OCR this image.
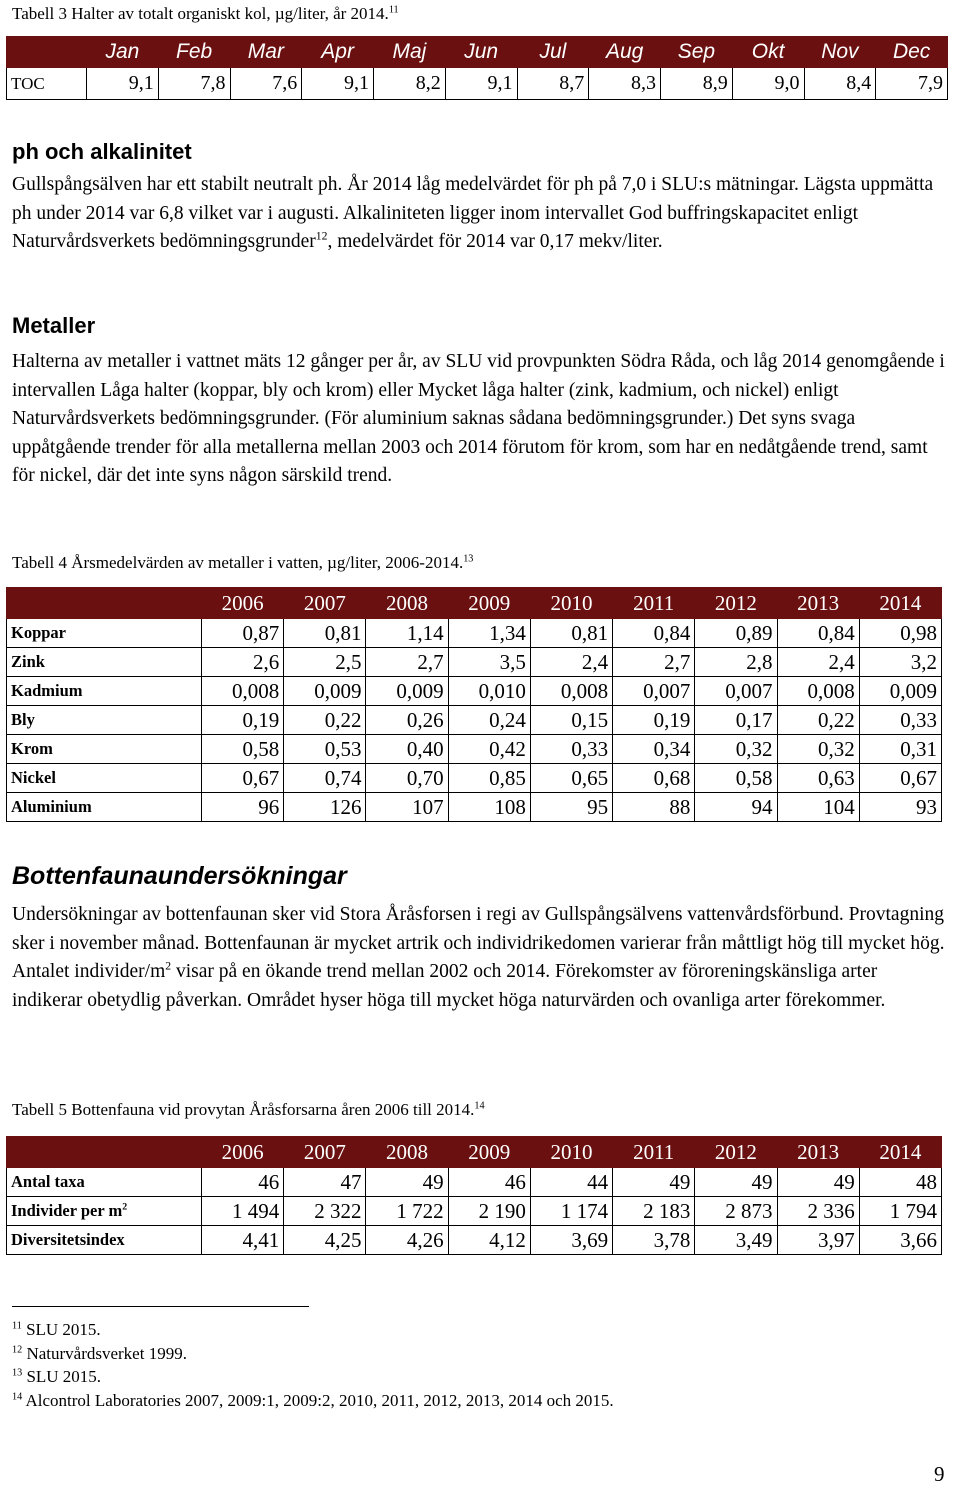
Tabell 3 Halter av totalt organiskt kol, µg/liter, år 2014.11
	Jan	Feb	Mar	Apr	Maj	Jun	Jul	Aug	Sep	Okt	Nov	Dec
TOC	9,1	7,8	7,6	9,1	8,2	9,1	8,7	8,3	8,9	9,0	8,4	7,9
ph och alkalinitet

Gullspångsälven har ett stabilt neutralt ph. År 2014 låg medelvärdet för ph på 7,0 i SLU:s mätningar. Lägsta uppmätta ph under 2014 var 6,8 vilket var i augusti. Alkaliniteten ligger inom intervallet God buffringskapacitet enligt Naturvårdsverkets bedömningsgrunder$^{12}$, medelvärdet för 2014 var 0,17 mekv/liter.

Metaller

Halterna av metaller i vattnet mäts 12 gånger per år, av SLU vid provpunkten Södra Råda, och låg 2014 genomgående i intervallen Låga halter (koppar, bly och krom) eller Mycket låga halter (zink, kadmium, och nickel) enligt Naturvårdsverkets bedömningsgrunder. (För aluminium saknas sådana bedömningsgrunder.) Det syns svaga uppåtgående trender för alla metallerna mellan 2003 och 2014 förutom för krom, som har en nedåtgående trend, samt för nickel, där det inte syns någon särskild trend.

Tabell 4 Årsmedelvärden av metaller i vatten, µg/liter, 2006-2014.13
	2006	2007	2008	2009	2010	2011	2012	2013	2014
Koppar	0,87	0,81	1,14	1,34	0,81	0,84	0,89	0,84	0,98
Zink	2,6	2,5	2,7	3,5	2,4	2,7	2,8	2,4	3,2
Kadmium	0,008	0,009	0,009	0,010	0,008	0,007	0,007	0,008	0,009
Bly	0,19	0,22	0,26	0,24	0,15	0,19	0,17	0,22	0,33
Krom	0,58	0,53	0,40	0,42	0,33	0,34	0,32	0,32	0,31
Nickel	0,67	0,74	0,70	0,85	0,65	0,68	0,58	0,63	0,67
Aluminium	96	126	107	108	95	88	94	104	93
Bottenfaunaundersökningar

Undersökningar av bottenfaunan sker vid Stora Åråsforsen i regi av Gullspångsälvens vattenvårdsförbund. Provtagning sker i november månad. Bottenfaunan är mycket artrik och individrikedomen varierar från måttligt hög till mycket hög. Antalet individer/$m^2$ visar på en ökande trend mellan 2002 och 2014. Förekomster av föroreningskänsliga arter indikerar obetydlig påverkan. Området hyser höga till mycket höga naturvärden och ovanliga arter förekommer.

Tabell 5 Bottenfauna vid provytan Åråsforsarna åren 2006 till 2014.14
	2006	2007	2008	2009	2010	2011	2012	2013	2014
Antal taxa	46	47	49	46	44	49	49	49	48
Individer per $m^2$	1 494	2 322	1 722	2 190	1 174	2 183	2 873	2 336	1 794
Diversitetsindex	4,41	4,25	4,26	4,12	3,69	3,78	3,49	3,97	3,66
$^{11}$ SLU 2015.
$^{12}$ Naturvårdsverket 1999.
$^{13}$ SLU 2015.
$^{14}$ Alcontrol Laboratories 2007, 2009:1, 2009:2, 2010, 2011, 2012, 2013, 2014 och 2015.
9
